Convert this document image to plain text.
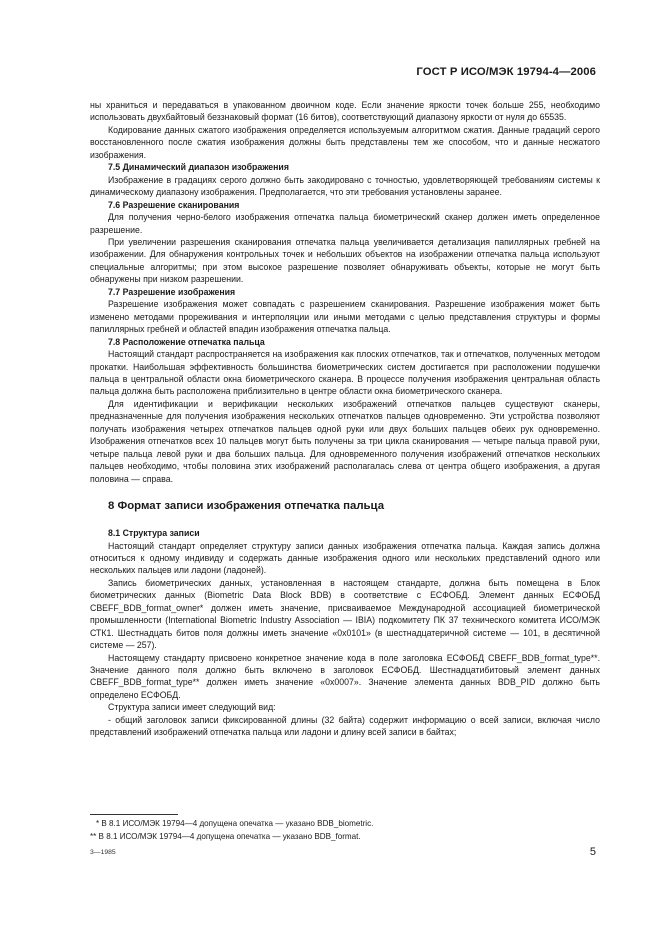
ГОСТ Р ИСО/МЭК 19794-4—2006

ны храниться и передаваться в упакованном двоичном коде. Если значение яркости точек больше 255, необходимо использовать двухбайтовый беззнаковый формат (16 битов), соответствующий диапазону яркости от нуля до 65535.

Кодирование данных сжатого изображения определяется используемым алгоритмом сжатия. Данные градаций серого восстановленного после сжатия изображения должны быть представлены тем же способом, что и данные несжатого изображения.

7.5 Динамический диапазон изображения

Изображение в градациях серого должно быть закодировано с точностью, удовлетворяющей требованиям системы к динамическому диапазону изображения. Предполагается, что эти требования установлены заранее.

7.6 Разрешение сканирования

Для получения черно-белого изображения отпечатка пальца биометрический сканер должен иметь определенное разрешение.

При увеличении разрешения сканирования отпечатка пальца увеличивается детализация папиллярных гребней на изображении. Для обнаружения контрольных точек и небольших объектов на изображении отпечатка пальца используют специальные алгоритмы; при этом высокое разрешение позволяет обнаруживать объекты, которые не могут быть обнаружены при низком разрешении.

7.7 Разрешение изображения

Разрешение изображения может совпадать с разрешением сканирования. Разрешение изображения может быть изменено методами прореживания и интерполяции или иными методами с целью представления структуры и формы папиллярных гребней и областей впадин изображения отпечатка пальца.

7.8 Расположение отпечатка пальца

Настоящий стандарт распространяется на изображения как плоских отпечатков, так и отпечатков, полученных методом прокатки. Наибольшая эффективность большинства биометрических систем достигается при расположении подушечки пальца в центральной области окна биометрического сканера. В процессе получения изображения центральная область пальца должна быть расположена приблизительно в центре области окна биометрического сканера.

Для идентификации и верификации нескольких изображений отпечатков пальцев существуют сканеры, предназначенные для получения изображения нескольких отпечатков пальцев одновременно. Эти устройства позволяют получать изображения четырех отпечатков пальцев одной руки или двух больших пальцев обеих рук одновременно. Изображения отпечатков всех 10 пальцев могут быть получены за три цикла сканирования — четыре пальца правой руки, четыре пальца левой руки и два больших пальца. Для одновременного получения изображений отпечатков нескольких пальцев необходимо, чтобы половина этих изображений располагалась слева от центра общего изображения, а другая половина — справа.

8 Формат записи изображения отпечатка пальца

8.1 Структура записи

Настоящий стандарт определяет структуру записи данных изображения отпечатка пальца. Каждая запись должна относиться к одному индивиду и содержать данные изображения одного или нескольких представлений одного или нескольких пальцев или ладони (ладоней).

Запись биометрических данных, установленная в настоящем стандарте, должна быть помещена в Блок биометрических данных (Biometric Data Block BDB) в соответствие с ЕСФОБД. Элемент данных ЕСФОБД CBEFF_BDB_format_owner* должен иметь значение, присваиваемое Международной ассоциацией биометрической промышленности (International Biometric Industry Association — IBIA) подкомитету ПК 37 технического комитета ИСО/МЭК СТК1. Шестнадцать битов поля должны иметь значение «0x0101» (в шестнадцатеричной системе — 101, в десятичной системе — 257).

Настоящему стандарту присвоено конкретное значение кода в поле заголовка ЕСФОБД CBEFF_BDB_format_type**. Значение данного поля должно быть включено в заголовок ЕСФОБД. Шестнадцатибитовый элемент данных CBEFF_BDB_format_type** должен иметь значение «0x0007». Значение элемента данных BDB_PID должно быть определено ЕСФОБД.

Структура записи имеет следующий вид:

- общий заголовок записи фиксированной длины (32 байта) содержит информацию о всей записи, включая число представлений изображений отпечатка пальца или ладони и длину всей записи в байтах;

* В 8.1 ИСО/МЭК 19794—4 допущена опечатка — указано BDB_biometric.
** В 8.1 ИСО/МЭК 19794—4 допущена опечатка — указано BDB_format.
3—1985	5
